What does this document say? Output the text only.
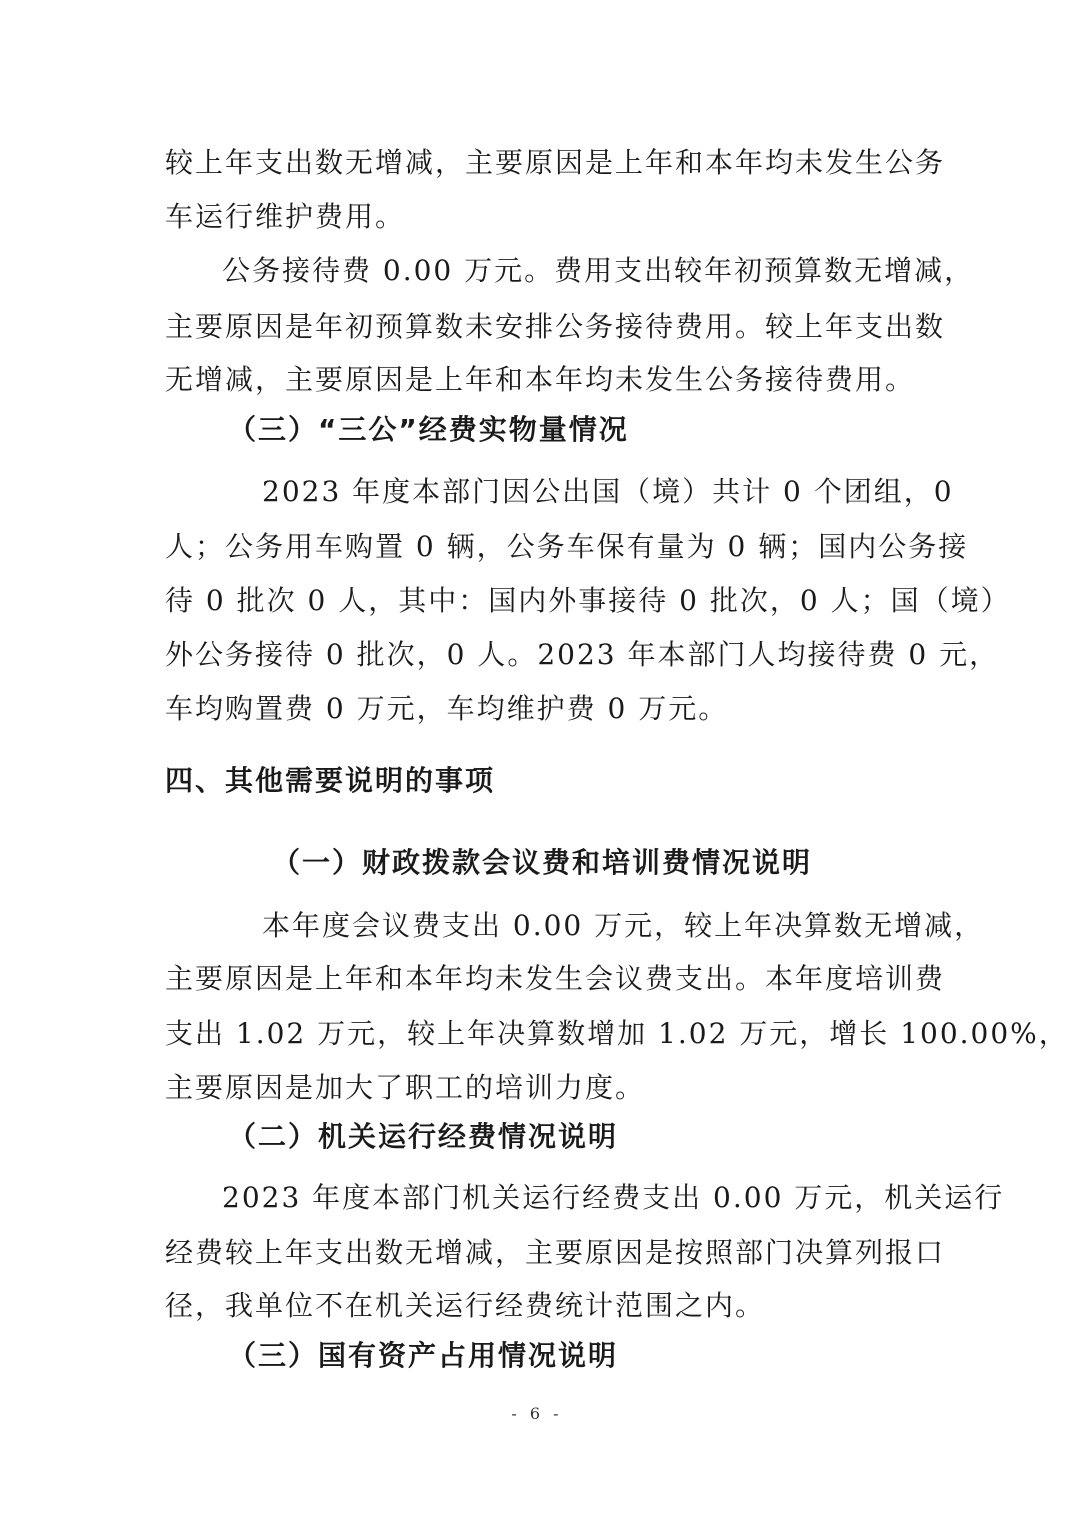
较上年支出数无增减，主要原因是上年和本年均未发生公务
车运行维护费用。
公务接待费 0.00 万元。费用支出较年初预算数无增减，
主要原因是年初预算数未安排公务接待费用。较上年支出数
无增减，主要原因是上年和本年均未发生公务接待费用。
（三）“三公”经费实物量情况
2023 年度本部门因公出国（境）共计 0 个团组，0
人；公务用车购置 0 辆，公务车保有量为 0 辆；国内公务接
待 0 批次 0 人，其中：国内外事接待 0 批次，0 人；国（境）
外公务接待 0 批次，0 人。2023 年本部门人均接待费 0 元，
车均购置费 0 万元，车均维护费 0 万元。
四、其他需要说明的事项
（一）财政拨款会议费和培训费情况说明
本年度会议费支出 0.00 万元，较上年决算数无增减，
主要原因是上年和本年均未发生会议费支出。本年度培训费
支出 1.02 万元，较上年决算数增加 1.02 万元，增长 100.00%，
主要原因是加大了职工的培训力度。
（二）机关运行经费情况说明
2023 年度本部门机关运行经费支出 0.00 万元，机关运行
经费较上年支出数无增减，主要原因是按照部门决算列报口
径，我单位不在机关运行经费统计范围之内。
（三）国有资产占用情况说明
- 6 -
